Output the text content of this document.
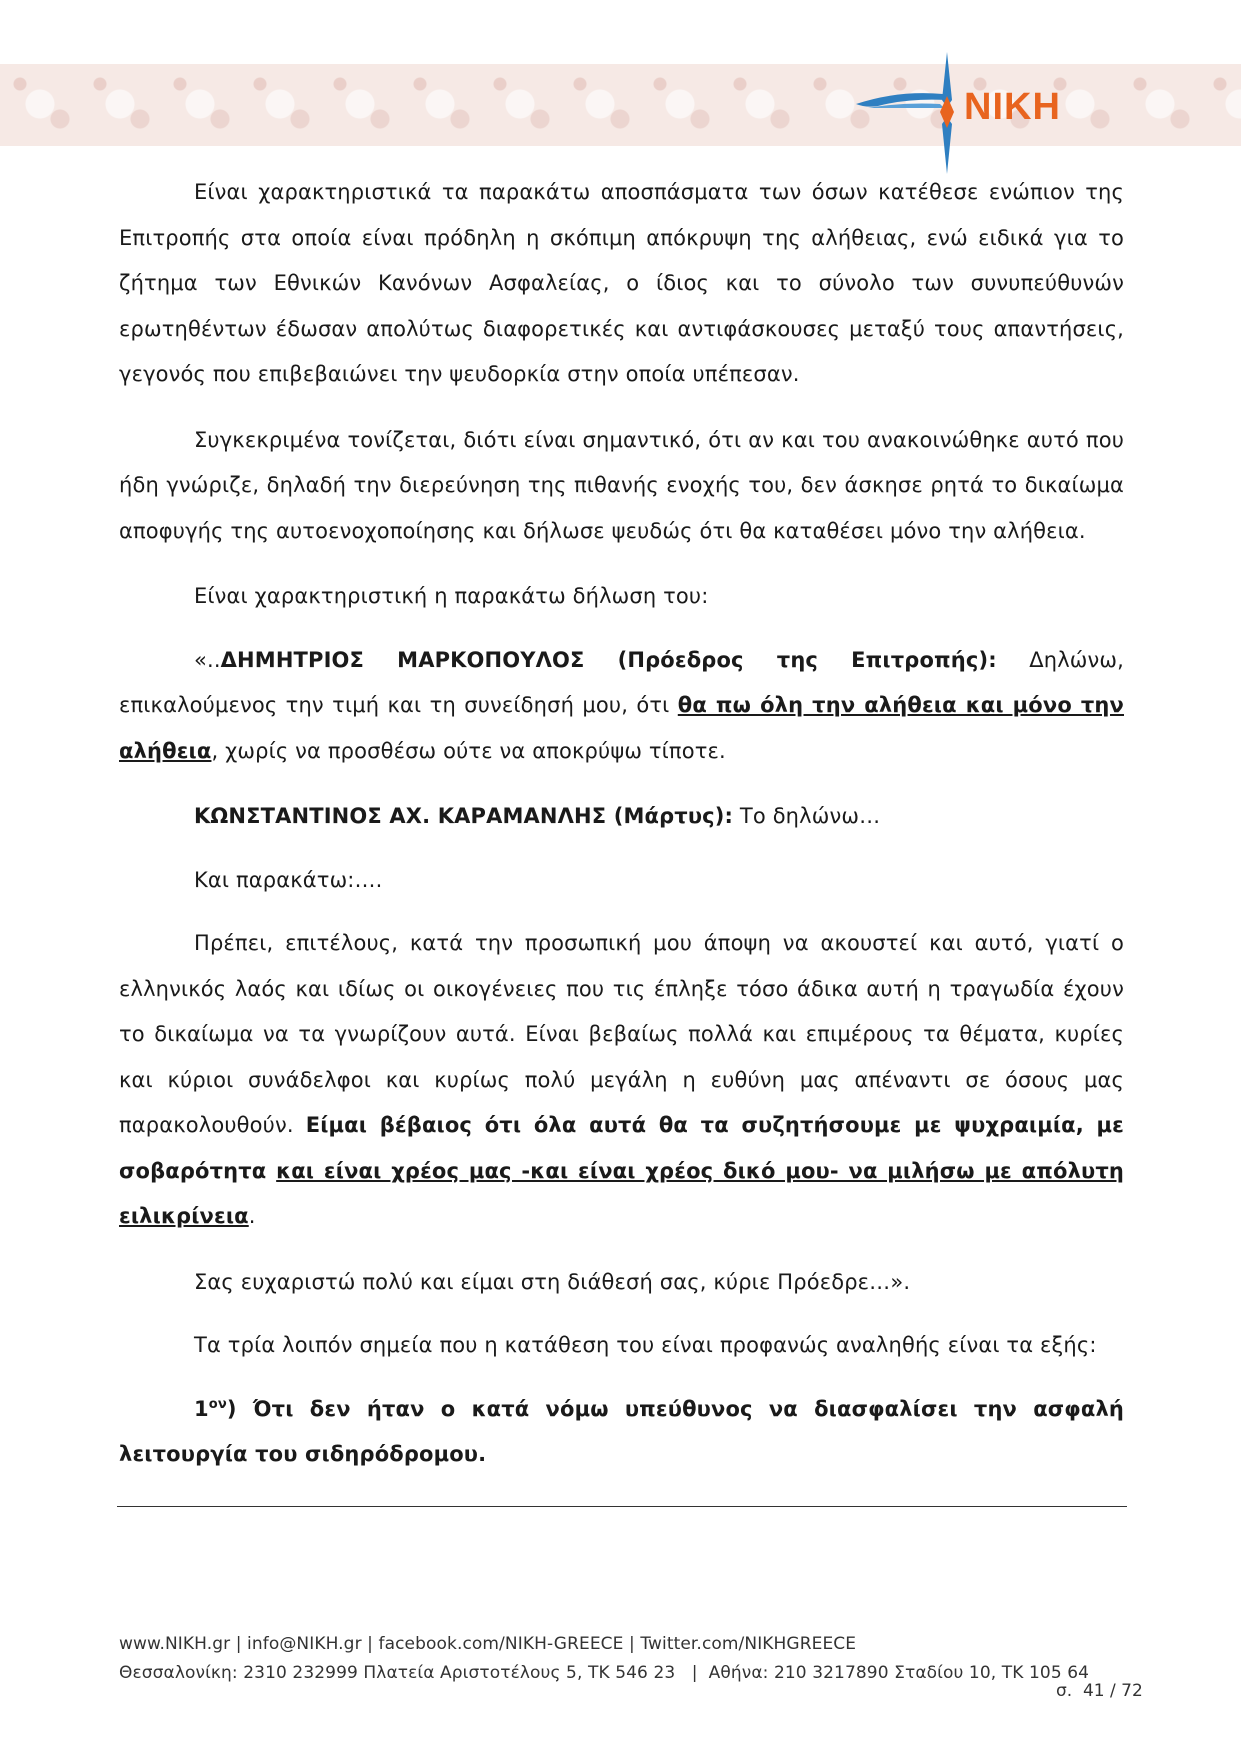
NIKH

Είναι χαρακτηριστικά τα παρακάτω αποσπάσματα των όσων κατέθεσε ενώπιον της Επιτροπής στα οποία είναι πρόδηλη η σκόπιμη απόκρυψη της αλήθειας, ενώ ειδικά για το ζήτημα των Εθνικών Κανόνων Ασφαλείας, ο ίδιος και το σύνολο των συνυπεύθυνών ερωτηθέντων έδωσαν απολύτως διαφορετικές και αντιφάσκουσες μεταξύ τους απαντήσεις, γεγονός που επιβεβαιώνει την ψευδορκία στην οποία υπέπεσαν.

Συγκεκριμένα τονίζεται, διότι είναι σημαντικό, ότι αν και του ανακοινώθηκε αυτό που ήδη γνώριζε, δηλαδή την διερεύνηση της πιθανής ενοχής του, δεν άσκησε ρητά το δικαίωμα αποφυγής της αυτοενοχοποίησης και δήλωσε ψευδώς ότι θα καταθέσει μόνο την αλήθεια.

Είναι χαρακτηριστική η παρακάτω δήλωση του:

«..ΔΗΜΗΤΡΙΟΣ ΜΑΡΚΟΠΟΥΛΟΣ (Πρόεδρος της Επιτροπής): Δηλώνω, επικαλούμενος την τιμή και τη συνείδησή μου, ότι θα πω όλη την αλήθεια και μόνο την αλήθεια, χωρίς να προσθέσω ούτε να αποκρύψω τίποτε.

ΚΩΝΣΤΑΝΤΙΝΟΣ ΑΧ. ΚΑΡΑΜΑΝΛΗΣ (Μάρτυς): Το δηλώνω…

Και παρακάτω:….

Πρέπει, επιτέλους, κατά την προσωπική μου άποψη να ακουστεί και αυτό, γιατί ο ελληνικός λαός και ιδίως οι οικογένειες που τις έπληξε τόσο άδικα αυτή η τραγωδία έχουν το δικαίωμα να τα γνωρίζουν αυτά. Είναι βεβαίως πολλά και επιμέρους τα θέματα, κυρίες και κύριοι συνάδελφοι και κυρίως πολύ μεγάλη η ευθύνη μας απέναντι σε όσους μας παρακολουθούν. Είμαι βέβαιος ότι όλα αυτά θα τα συζητήσουμε με ψυχραιμία, με σοβαρότητα και είναι χρέος μας -και είναι χρέος δικό μου- να μιλήσω με απόλυτη ειλικρίνεια.

Σας ευχαριστώ πολύ και είμαι στη διάθεσή σας, κύριε Πρόεδρε…».

Τα τρία λοιπόν σημεία που η κατάθεση του είναι προφανώς αναληθής είναι τα εξής:

$1^{o\nu}$) Ότι δεν ήταν ο κατά νόμω υπεύθυνος να διασφαλίσει την ασφαλή λειτουργία του σιδηρόδρομου.

www.NIKH.gr | info@NIKH.gr | facebook.com/NIKH-GREECE | Twitter.com/NIKHGREECE
Θεσσαλονίκη: 2310 232999 Πλατεία Αριστοτέλους 5, ΤΚ 546 23   |  Αθήνα: 210 3217890 Σταδίου 10, ΤΚ 105 64
σ.  41 / 72
